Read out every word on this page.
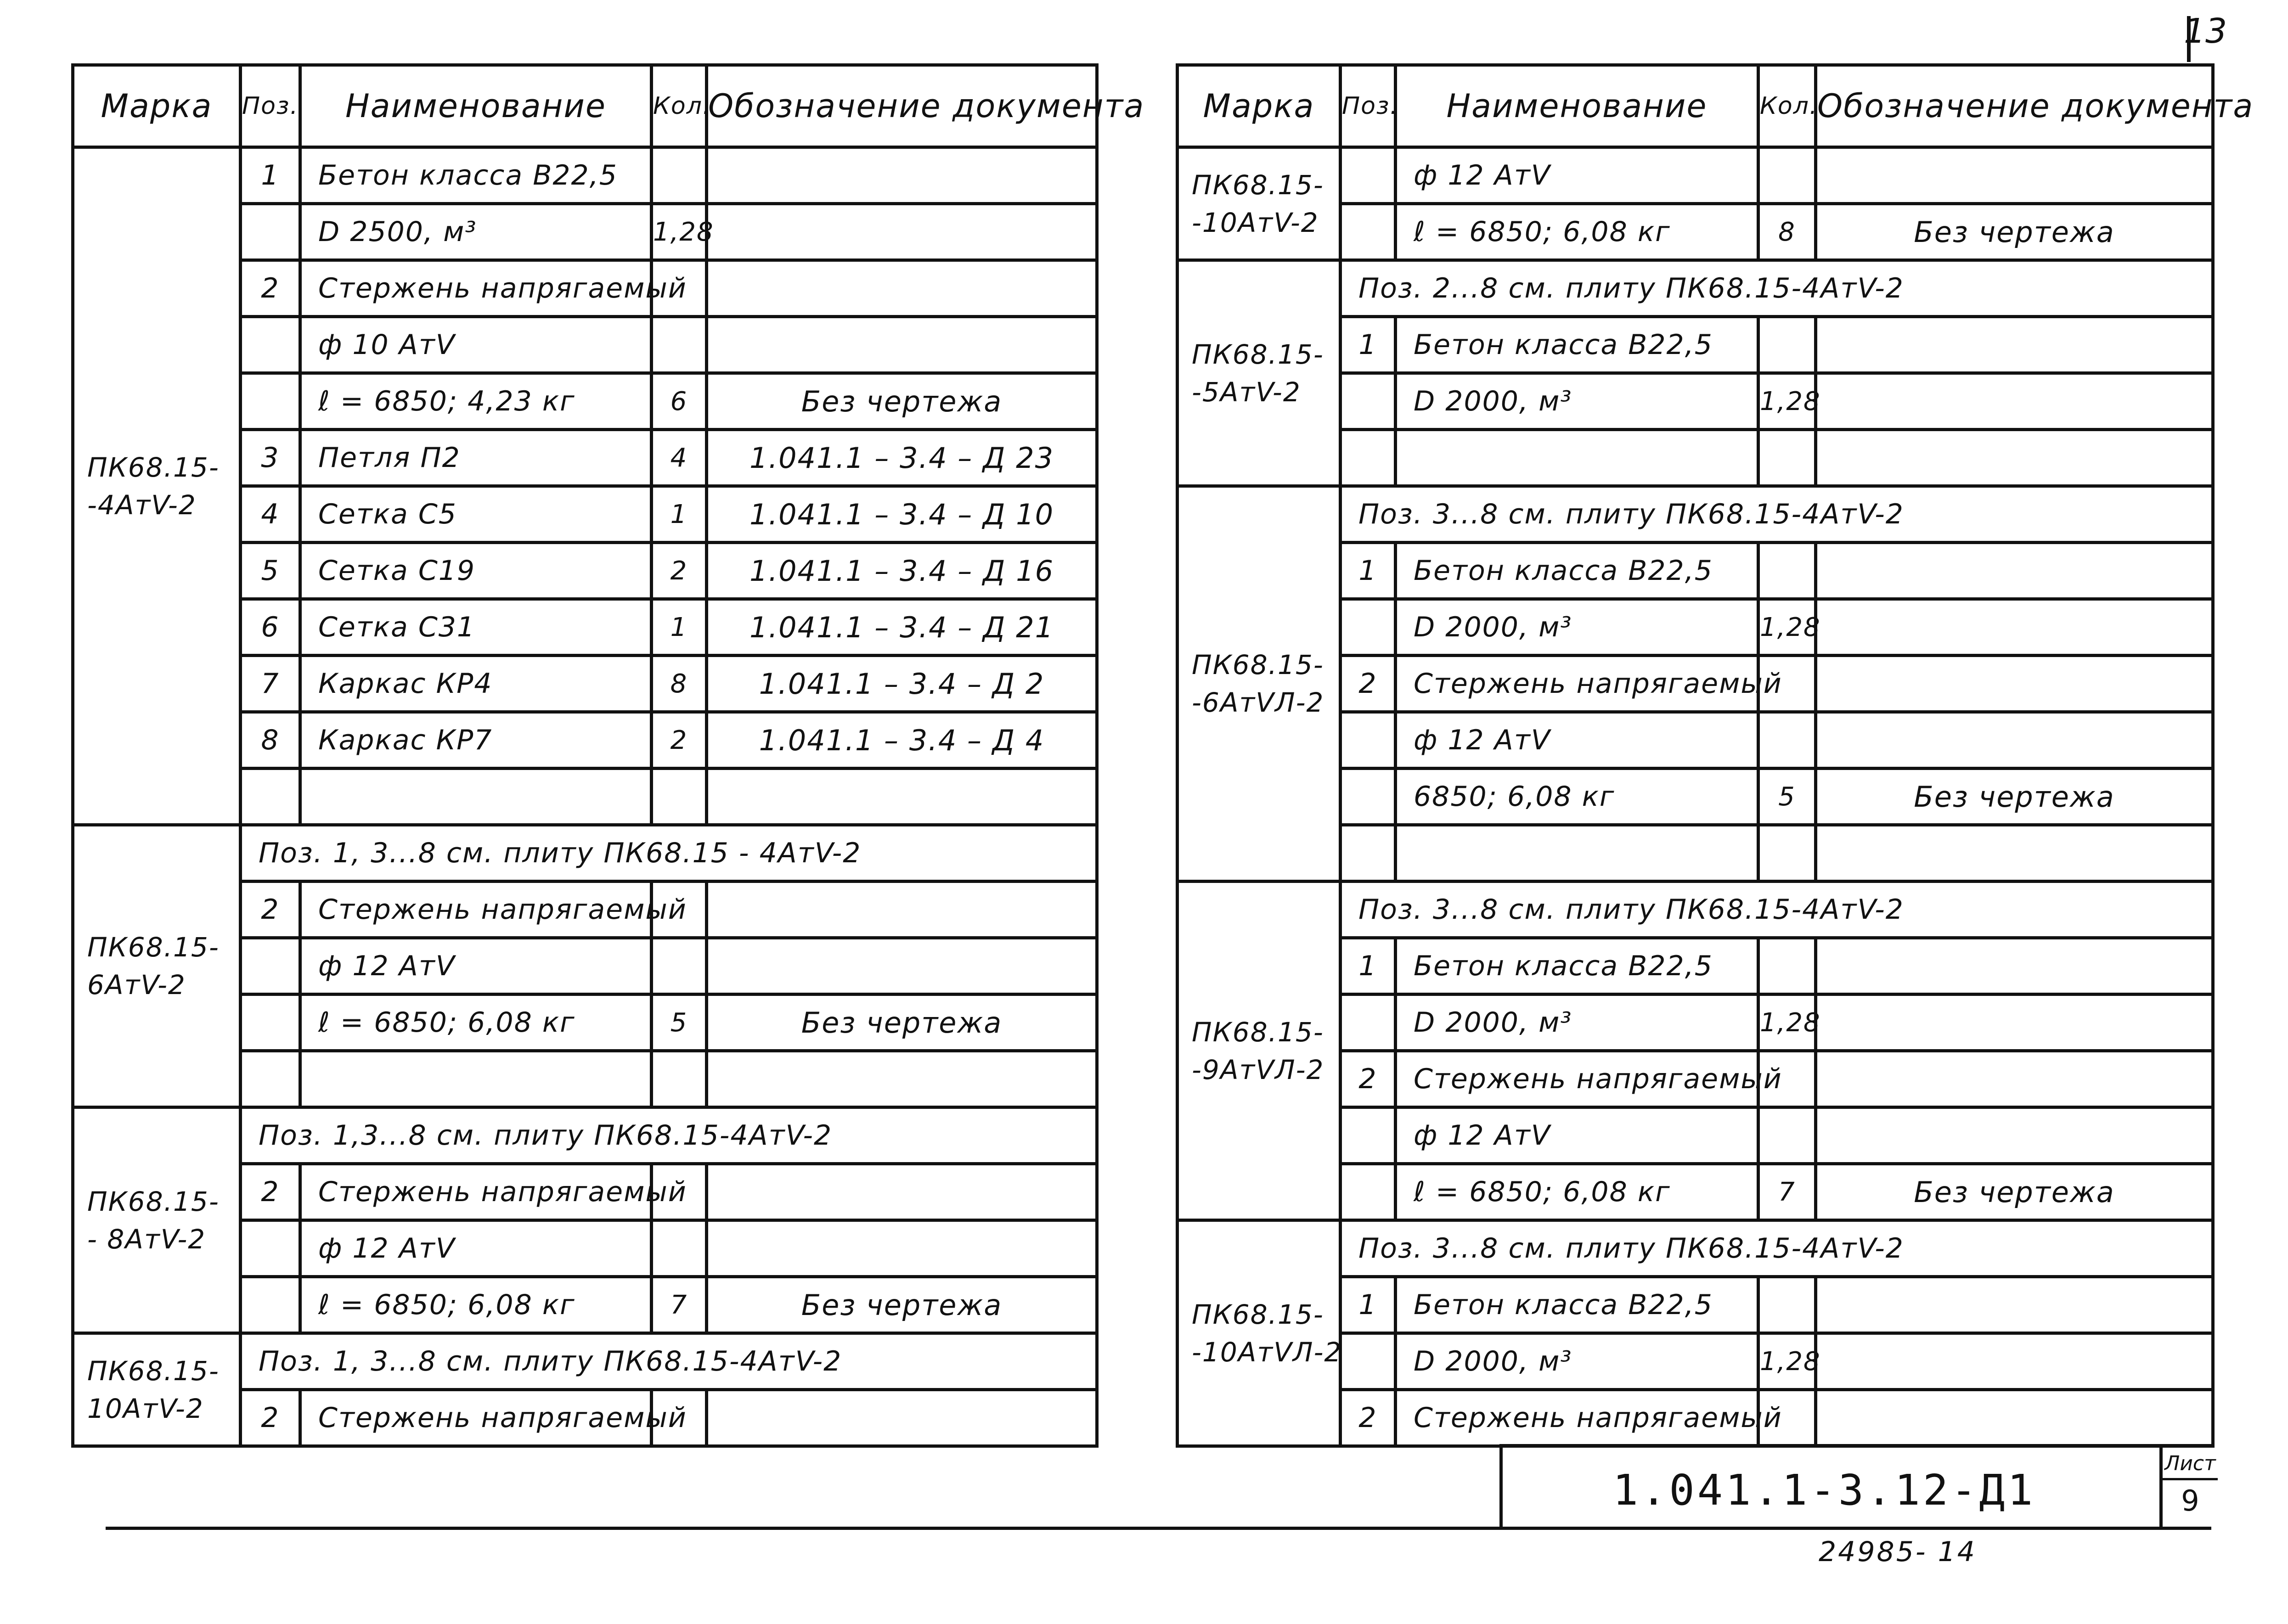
13
Марка	Поз.	Наименование	Кол.	Обозначение документа
ПК68.15-
-4АтV-2	1	Бетон класса В22,5		
		D 2500, м³	1,28	
	2	Стержень напрягаемый		
		ф 10 АтV		
		ℓ = 6850; 4,23 кг	6	Без чертежа
	3	Петля П2	4	1.041.1 – 3.4 – Д 23
	4	Сетка С5	1	1.041.1 – 3.4 – Д 10
	5	Сетка С19	2	1.041.1 – 3.4 – Д 16
	6	Сетка С31	1	1.041.1 – 3.4 – Д 21
	7	Каркас КР4	8	1.041.1 – 3.4 – Д 2
	8	Каркас КР7	2	1.041.1 – 3.4 – Д 4

ПК68.15-
6АтV-2	Поз. 1, 3...8 см. плиту ПК68.15 - 4АтV-2			
	2	Стержень напрягаемый		
		ф 12 АтV		
		ℓ = 6850; 6,08 кг	5	Без чертежа

ПК68.15-
- 8АтV-2	Поз. 1,3...8 см. плиту ПК68.15-4АтV-2			
	2	Стержень напрягаемый		
		ф 12 АтV		
		ℓ = 6850; 6,08 кг	7	Без чертежа
ПК68.15-
10АтV-2	Поз. 1, 3...8 см. плиту ПК68.15-4АтV-2			
	2	Стержень напрягаемый		
Марка	Поз.	Наименование	Кол.	Обозначение документа
ПК68.15-
-10АтV-2		ф 12 АтV		
		ℓ = 6850; 6,08 кг	8	Без чертежа
ПК68.15-
-5АтV-2	Поз. 2...8 см. плиту ПК68.15-4АтV-2			
	1	Бетон класса В22,5		
		D 2000, м³	1,28	

ПК68.15-
-6АтVЛ-2	Поз. 3...8 см. плиту ПК68.15-4АтV-2			
	1	Бетон класса В22,5		
		D 2000, м³	1,28	
	2	Стержень напрягаемый		
		ф 12 АтV		
		6850; 6,08 кг	5	Без чертежа

ПК68.15-
-9АтVЛ-2	Поз. 3...8 см. плиту ПК68.15-4АтV-2			
	1	Бетон класса В22,5		
		D 2000, м³	1,28	
	2	Стержень напрягаемый		
		ф 12 АтV		
		ℓ = 6850; 6,08 кг	7	Без чертежа
ПК68.15-
-10АтVЛ-2	Поз. 3...8 см. плиту ПК68.15-4АтV-2			
	1	Бетон класса В22,5		
		D 2000, м³	1,28	
	2	Стержень напрягаемый		
1.041.1-3.12-Д1
Лист
9
24985- 14
